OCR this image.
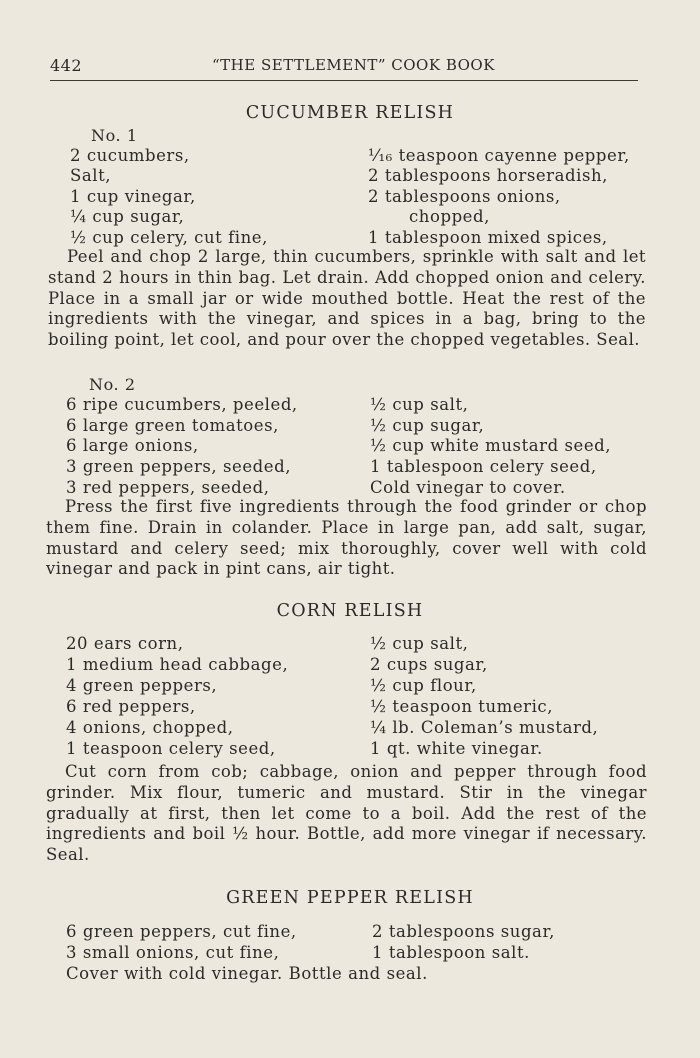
442	“THE SETTLEMENT” COOK BOOK
CUCUMBER RELISH
No. 1
2 cucumbers,
Salt,
1 cup vinegar,
¼ cup sugar,
½ cup celery, cut fine,
¹⁄₁₆ teaspoon cayenne pepper,
2 tablespoons horseradish,
2 tablespoons onions,
chopped,
1 tablespoon mixed spices,
Peel and chop 2 large, thin cucumbers, sprinkle with salt and let stand 2 hours in thin bag. Let drain. Add chopped onion and celery. Place in a small jar or wide mouthed bottle. Heat the rest of the ingredients with the vinegar, and spices in a bag, bring to the boiling point, let cool, and pour over the chopped vegetables. Seal.
No. 2
6 ripe cucumbers, peeled,
6 large green tomatoes,
6 large onions,
3 green peppers, seeded,
3 red peppers, seeded,
½ cup salt,
½ cup sugar,
½ cup white mustard seed,
1 tablespoon celery seed,
Cold vinegar to cover.
Press the first five ingredients through the food grinder or chop them fine. Drain in colander. Place in large pan, add salt, sugar, mustard and celery seed; mix thoroughly, cover well with cold vinegar and pack in pint cans, air tight.
CORN RELISH
20 ears corn,
1 medium head cabbage,
4 green peppers,
6 red peppers,
4 onions, chopped,
1 teaspoon celery seed,
½ cup salt,
2 cups sugar,
½ cup flour,
½ teaspoon tumeric,
¼ lb. Coleman’s mustard,
1 qt. white vinegar.
Cut corn from cob; cabbage, onion and pepper through food grinder. Mix flour, tumeric and mustard. Stir in the vinegar gradually at first, then let come to a boil. Add the rest of the ingredients and boil ½ hour. Bottle, add more vinegar if necessary. Seal.
GREEN PEPPER RELISH
6 green peppers, cut fine,
3 small onions, cut fine,
2 tablespoons sugar,
1 tablespoon salt.
Cover with cold vinegar. Bottle and seal.
